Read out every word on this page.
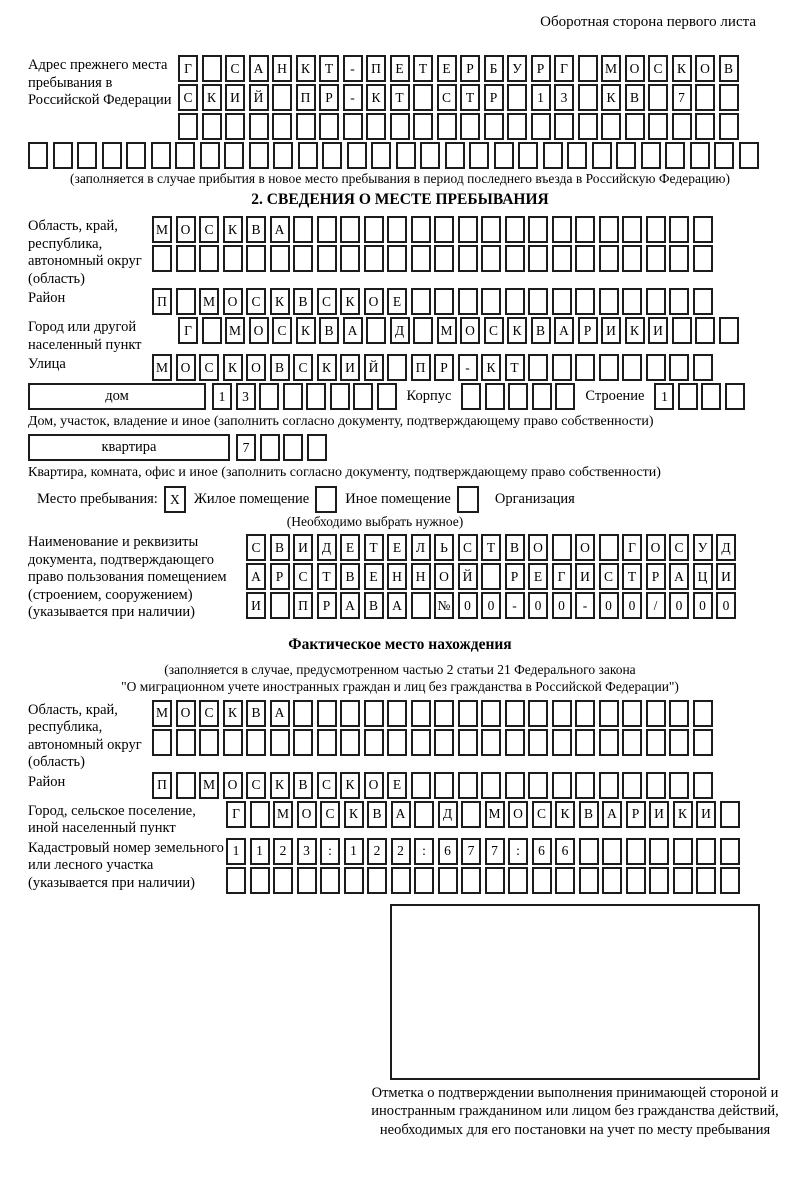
Оборотная сторона первого листа
Адрес прежнего места пребывания в Российской Федерации
Г	С	А	Н	К	Т	-	П	Е	Т	Е	Р	Б	У	Р	Г	М О	С	К	О	В
С	К	И	Й	П	Р	-	К	Т	С	Т	Р	1	3	К	В	7
(заполняется в случае прибытия в новое место пребывания в период последнего въезда в Российскую Федерацию)
2. СВЕДЕНИЯ О МЕСТЕ ПРЕБЫВАНИЯ
Область, край, республика, автономный округ (область)
М О	С	К	В	А
Район	П	М О	С	К	В	С	К	О	Е
Город или другой населенный пункт
Г	М О	С	К	В	А	Д	М О	С	К	В	А	Р	И	К	И
Улица	М О	С	К	О	В	С	К	И	Й	П	Р	-	К	Т
дом	1	3	Корпус	Строение	1
Дом, участок, владение и иное (заполнить согласно документу, подтверждающему право собственности)
квартира	7
Квартира, комната, офис и иное (заполнить согласно документу, подтверждающему право собственности)
Место пребывания: X Жилое помещение Иное помещение	Организация
(Необходимо выбрать нужное)
Наименование и реквизиты документа, подтверждающего право пользования помещением (строением, сооружением) (указывается при наличии)
С	В	И	Д	Е	Т	Е	Л	Ь	С	Т	В	О	О	Г	О	С	У	Д
А	Р	С	Т	В	Е	Н	Н	О	Й	Р	Е	Г	И	С	Т	Р	А	Ц	И
И	П	Р	А	В	А	№	0	0	-	0	0	-	0	0	/	0	0	0
Фактическое место нахождения
(заполняется в случае, предусмотренном частью 2 статьи 21 Федерального закона
"О миграционном учете иностранных граждан и лиц без гражданства в Российской Федерации")
Область, край, республика, автономный округ (область)
М О	С	К	В	А
Район	П	М О	С	К	В	С	К	О	Е
Город, сельское поселение, иной населенный пункт
Г	М О	С	К	В	А	Д	М О	С	К	В	А	Р	И	К	И
Кадастровый номер земельного или лесного участка (указывается при наличии)
1	1	2	3	:	1	2	2	:	6	7	7	:	6	6
Отметка о подтверждении выполнения принимающей стороной и иностранным гражданином или лицом без гражданства действий, необходимых для его постановки на учет по месту пребывания
